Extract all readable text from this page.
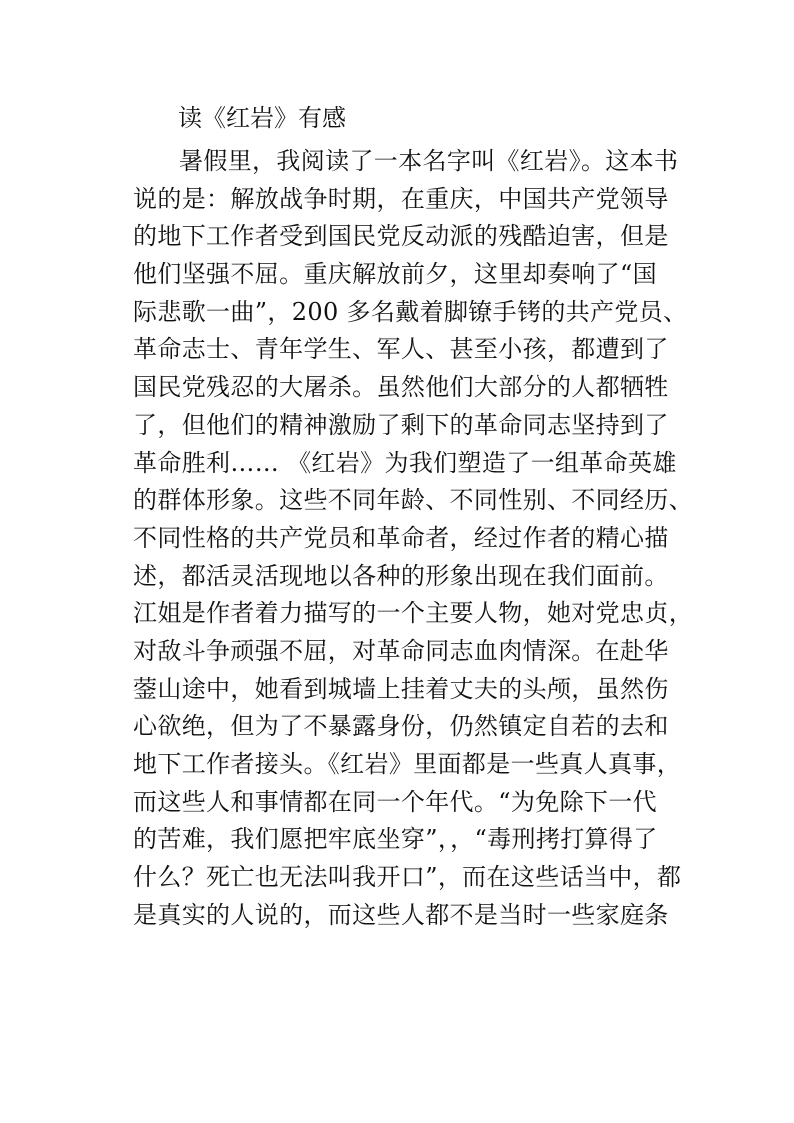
读《红岩》有感
暑假里，我阅读了一本名字叫《红岩》。这本书
说的是：解放战争时期，在重庆，中国共产党领导
的地下工作者受到国民党反动派的残酷迫害，但是
他们坚强不屈。重庆解放前夕，这里却奏响了“国
际悲歌一曲”，200 多名戴着脚镣手铐的共产党员、
革命志士、青年学生、军人、甚至小孩，都遭到了
国民党残忍的大屠杀。虽然他们大部分的人都牺牲
了，但他们的精神激励了剩下的革命同志坚持到了
革命胜利…… 《红岩》为我们塑造了一组革命英雄
的群体形象。这些不同年龄、不同性别、不同经历、
不同性格的共产党员和革命者，经过作者的精心描
述，都活灵活现地以各种的形象出现在我们面前。
江姐是作者着力描写的一个主要人物，她对党忠贞，
对敌斗争顽强不屈，对革命同志血肉情深。在赴华
蓥山途中，她看到城墙上挂着丈夫的头颅，虽然伤
心欲绝，但为了不暴露身份，仍然镇定自若的去和
地下工作者接头。《红岩》里面都是一些真人真事，
而这些人和事情都在同一个年代。“为免除下一代
的苦难，我们愿把牢底坐穿”，，“毒刑拷打算得了
什么？死亡也无法叫我开口”，而在这些话当中，都
是真实的人说的，而这些人都不是当时一些家庭条
